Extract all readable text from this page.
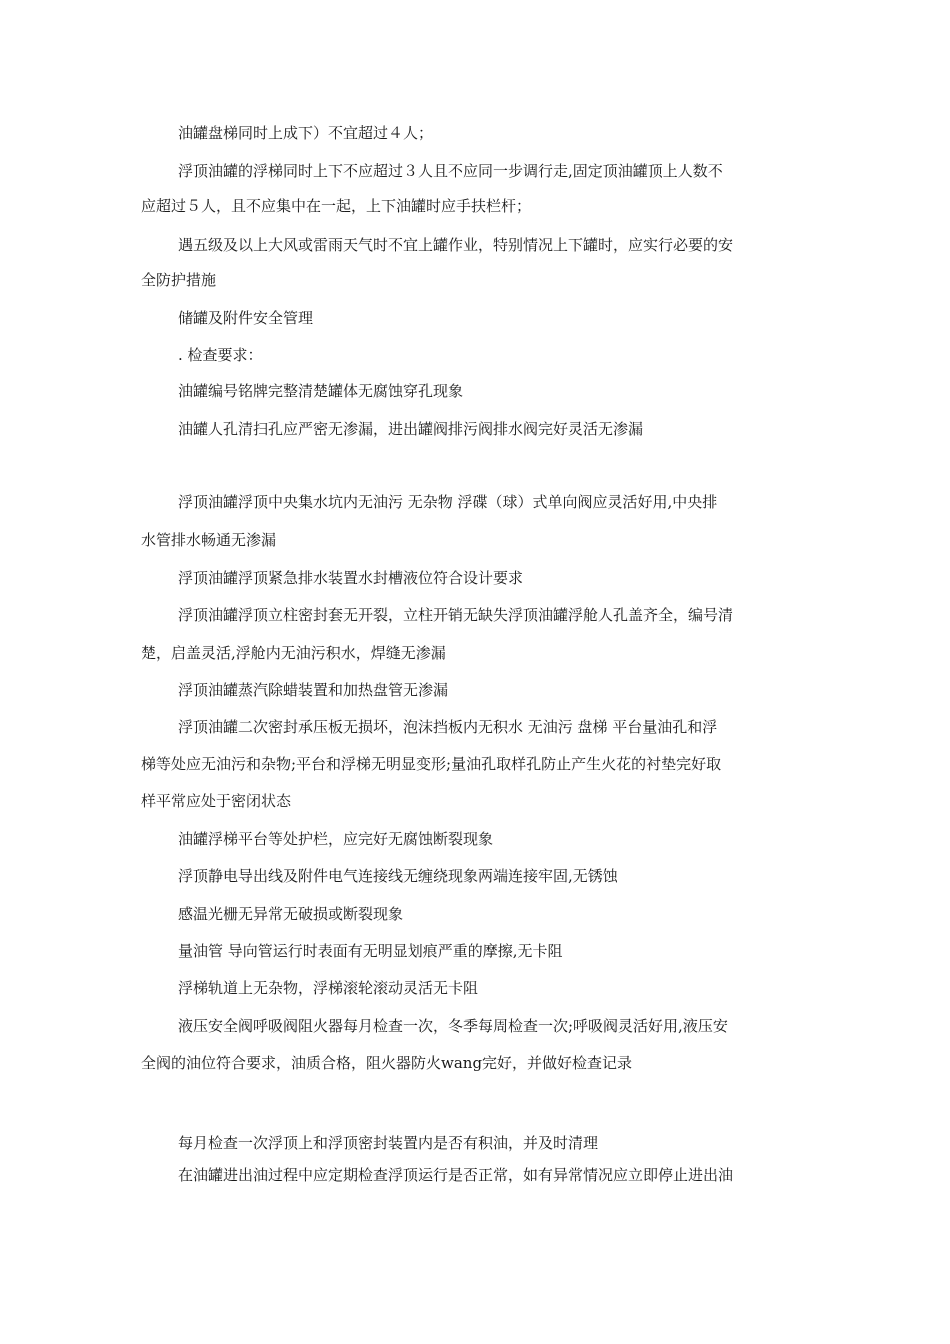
油罐盘梯同时上成下）不宜超过４人；
浮顶油罐的浮梯同时上下不应超过３人且不应同一步调行走,固定顶油罐顶上人数不
应超过５人，且不应集中在一起，上下油罐时应手扶栏杆；
遇五级及以上大风或雷雨天气时不宜上罐作业，特别情况上下罐时，应实行必要的安
全防护措施
储罐及附件安全管理
. 检查要求：
油罐编号铭牌完整清楚罐体无腐蚀穿孔现象
油罐人孔清扫孔应严密无渗漏，进出罐阀排污阀排水阀完好灵活无渗漏
浮顶油罐浮顶中央集水坑内无油污 无杂物 浮碟（球）式单向阀应灵活好用,中央排
水管排水畅通无渗漏
浮顶油罐浮顶紧急排水装置水封槽液位符合设计要求
浮顶油罐浮顶立柱密封套无开裂，立柱开销无缺失浮顶油罐浮舱人孔盖齐全，编号清
楚，启盖灵活,浮舱内无油污积水，焊缝无渗漏
浮顶油罐蒸汽除蜡装置和加热盘管无渗漏
浮顶油罐二次密封承压板无损坏，泡沫挡板内无积水 无油污 盘梯 平台量油孔和浮
梯等处应无油污和杂物;平台和浮梯无明显变形;量油孔取样孔防止产生火花的衬垫完好取
样平常应处于密闭状态
油罐浮梯平台等处护栏，应完好无腐蚀断裂现象
浮顶静电导出线及附件电气连接线无缠绕现象两端连接牢固,无锈蚀
感温光栅无异常无破损或断裂现象
量油管 导向管运行时表面有无明显划痕严重的摩擦,无卡阻
浮梯轨道上无杂物，浮梯滚轮滚动灵活无卡阻
液压安全阀呼吸阀阻火器每月检查一次，冬季每周检查一次;呼吸阀灵活好用,液压安
全阀的油位符合要求，油质合格，阻火器防火wang完好，并做好检查记录
每月检查一次浮顶上和浮顶密封装置内是否有积油，并及时清理
在油罐进出油过程中应定期检查浮顶运行是否正常，如有异常情况应立即停止进出油
